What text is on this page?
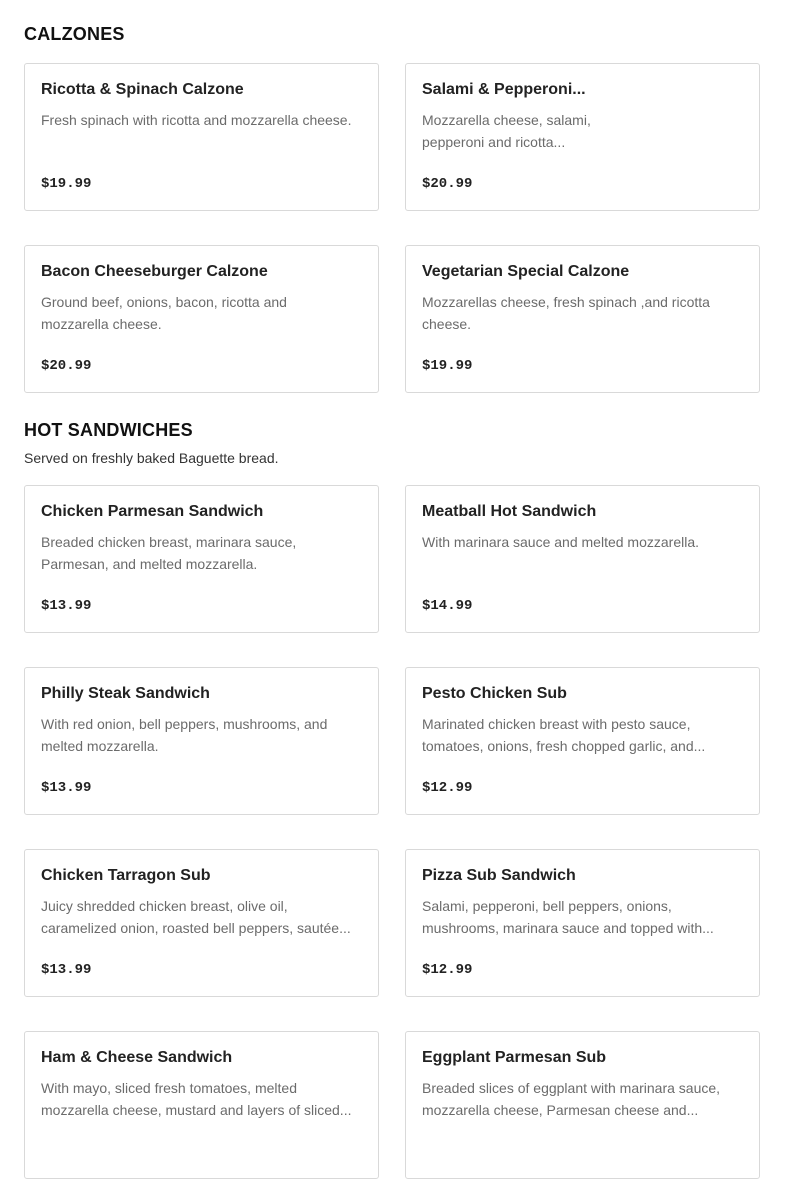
CALZONES
Ricotta & Spinach Calzone
Fresh spinach with ricotta and mozzarella cheese.
$19.99
Salami & Pepperoni...
Mozzarella cheese, salami, pepperoni and ricotta...
$20.99
Bacon Cheeseburger Calzone
Ground beef, onions, bacon, ricotta and mozzarella cheese.
$20.99
Vegetarian Special Calzone
Mozzarellas cheese, fresh spinach ,and ricotta cheese.
$19.99
HOT SANDWICHES

Served on freshly baked Baguette bread.

Chicken Parmesan Sandwich
Breaded chicken breast, marinara sauce, Parmesan, and melted mozzarella.
$13.99
Meatball Hot Sandwich
With marinara sauce and melted mozzarella.
$14.99
Philly Steak Sandwich
With red onion, bell peppers, mushrooms, and melted mozzarella.
$13.99
Pesto Chicken Sub
Marinated chicken breast with pesto sauce, tomatoes, onions, fresh chopped garlic, and...
$12.99
Chicken Tarragon Sub
Juicy shredded chicken breast, olive oil, caramelized onion, roasted bell peppers, sautée...
$13.99
Pizza Sub Sandwich
Salami, pepperoni, bell peppers, onions, mushrooms, marinara sauce and topped with...
$12.99
Ham & Cheese Sandwich
With mayo, sliced fresh tomatoes, melted mozzarella cheese, mustard and layers of sliced...
Eggplant Parmesan Sub
Breaded slices of eggplant with marinara sauce, mozzarella cheese, Parmesan cheese and...
